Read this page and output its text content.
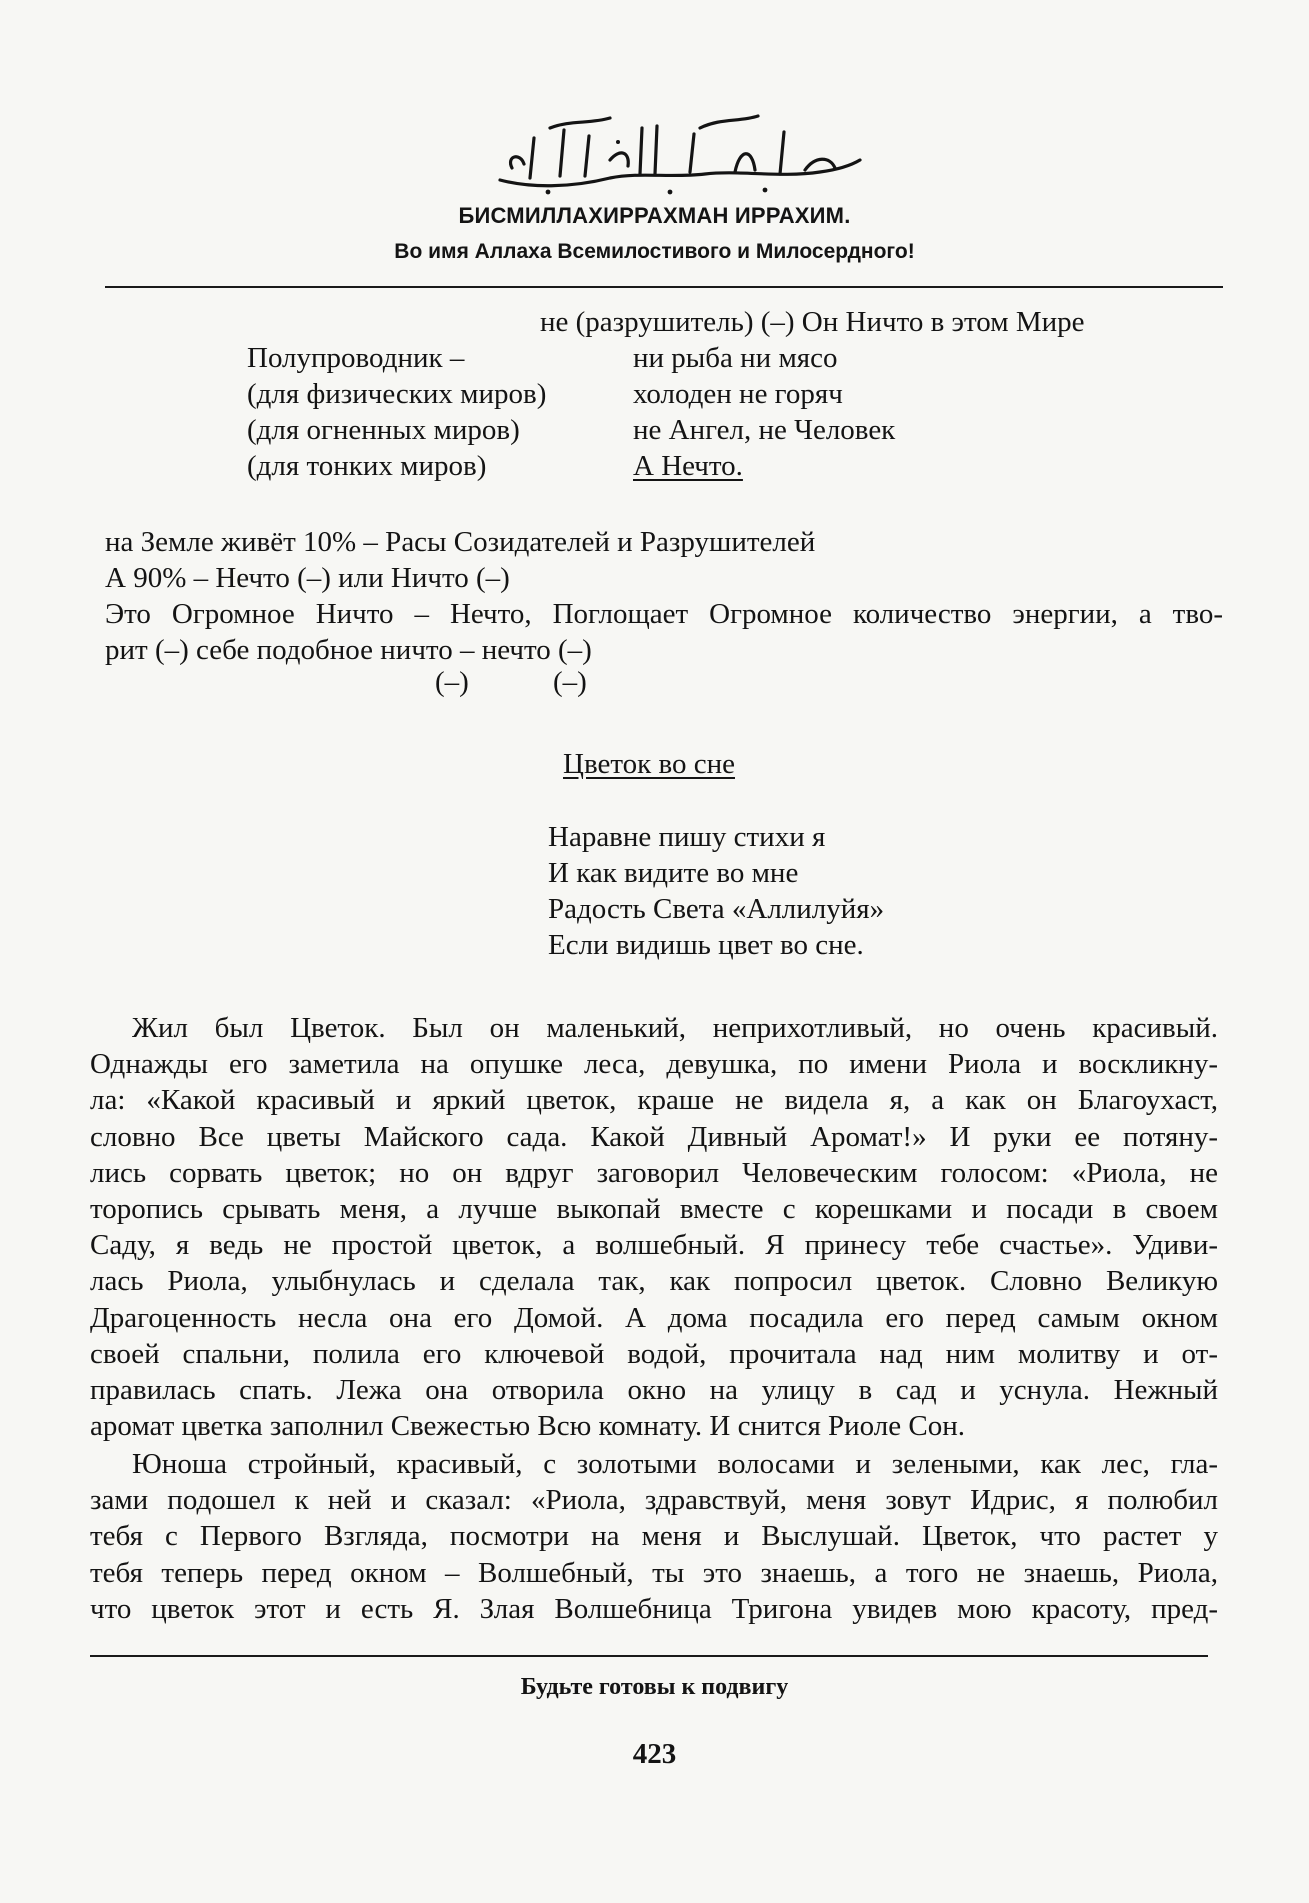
БИСМИЛЛАХИРРАХМАН ИРРАХИМ.
Во имя Аллаха Всемилостивого и Милосердного!
не (разрушитель) (–) Он Ничто в этом Мире
Полупроводник –	ни рыба ни мясо
(для физических миров)	холоден не горяч
(для огненных миров)	не Ангел, не Человек
(для тонких миров)	А Нечто.
на Земле живёт 10% – Расы Созидателей и Разрушителей
А 90% – Нечто (–) или Ничто (–)
Это Огромное Ничто – Нечто, Поглощает Огромное количество энергии, а тво-
рит (–) себе подобное ничто – нечто (–)
(–)	(–)
Цветок во сне
Наравне пишу стихи я
И как видите во мне
Радость Света «Аллилуйя»
Если видишь цвет во сне.
Жил был Цветок. Был он маленький, неприхотливый, но очень красивый.
Однажды его заметила на опушке леса, девушка, по имени Риола и воскликну-
ла: «Какой красивый и яркий цветок, краше не видела я, а как он Благоухаст,
словно Все цветы Майского сада. Какой Дивный Аромат!» И руки ее потяну-
лись сорвать цветок; но он вдруг заговорил Человеческим голосом: «Риола, не
торопись срывать меня, а лучше выкопай вместе с корешками и посади в своем
Саду, я ведь не простой цветок, а волшебный. Я принесу тебе счастье». Удиви-
лась Риола, улыбнулась и сделала так, как попросил цветок. Словно Великую
Драгоценность несла она его Домой. А дома посадила его перед самым окном
своей спальни, полила его ключевой водой, прочитала над ним молитву и от-
правилась спать. Лежа она отворила окно на улицу в сад и уснула. Нежный
аромат цветка заполнил Свежестью Всю комнату. И снится Риоле Сон.
Юноша стройный, красивый, с золотыми волосами и зелеными, как лес, гла-
зами подошел к ней и сказал: «Риола, здравствуй, меня зовут Идрис, я полюбил
тебя с Первого Взгляда, посмотри на меня и Выслушай. Цветок, что растет у
тебя теперь перед окном – Волшебный, ты это знаешь, а того не знаешь, Риола,
что цветок этот и есть Я. Злая Волшебница Тригона увидев мою красоту, пред-
Будьте готовы к подвигу
423
